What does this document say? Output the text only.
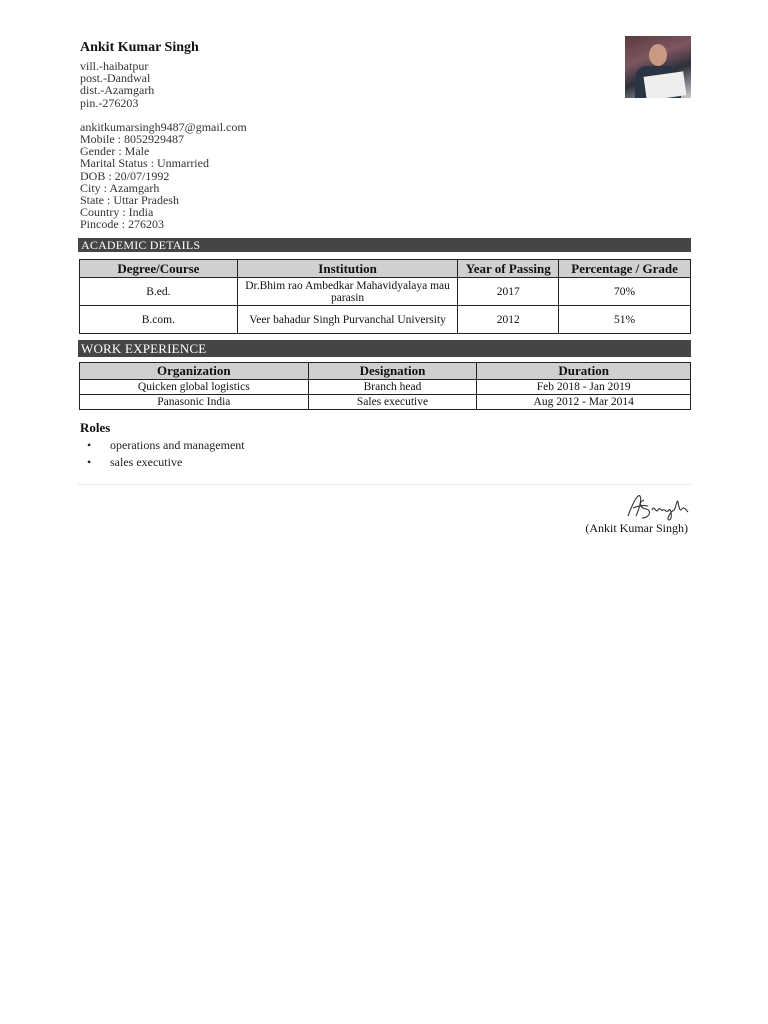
Ankit Kumar Singh
vill.-haibatpur
post.-Dandwal
dist.-Azamgarh
pin.-276203
ankitkumarsingh9487@gmail.com
Mobile : 8052929487
Gender : Male
Marital Status : Unmarried
DOB : 20/07/1992
City : Azamgarh
State : Uttar Pradesh
Country : India
Pincode : 276203
ACADEMIC DETAILS
Degree/Course	Institution	Year of Passing	Percentage / Grade
B.ed.	Dr.Bhim rao Ambedkar Mahavidyalaya mau parasin	2017	70%
B.com.	Veer bahadur Singh Purvanchal University	2012	51%
WORK EXPERIENCE
Organization	Designation	Duration
Quicken global logistics	Branch head	Feb 2018 - Jan 2019
Panasonic India	Sales executive	Aug 2012 - Mar 2014
Roles
• operations and management
• sales executive
(Ankit Kumar Singh)
